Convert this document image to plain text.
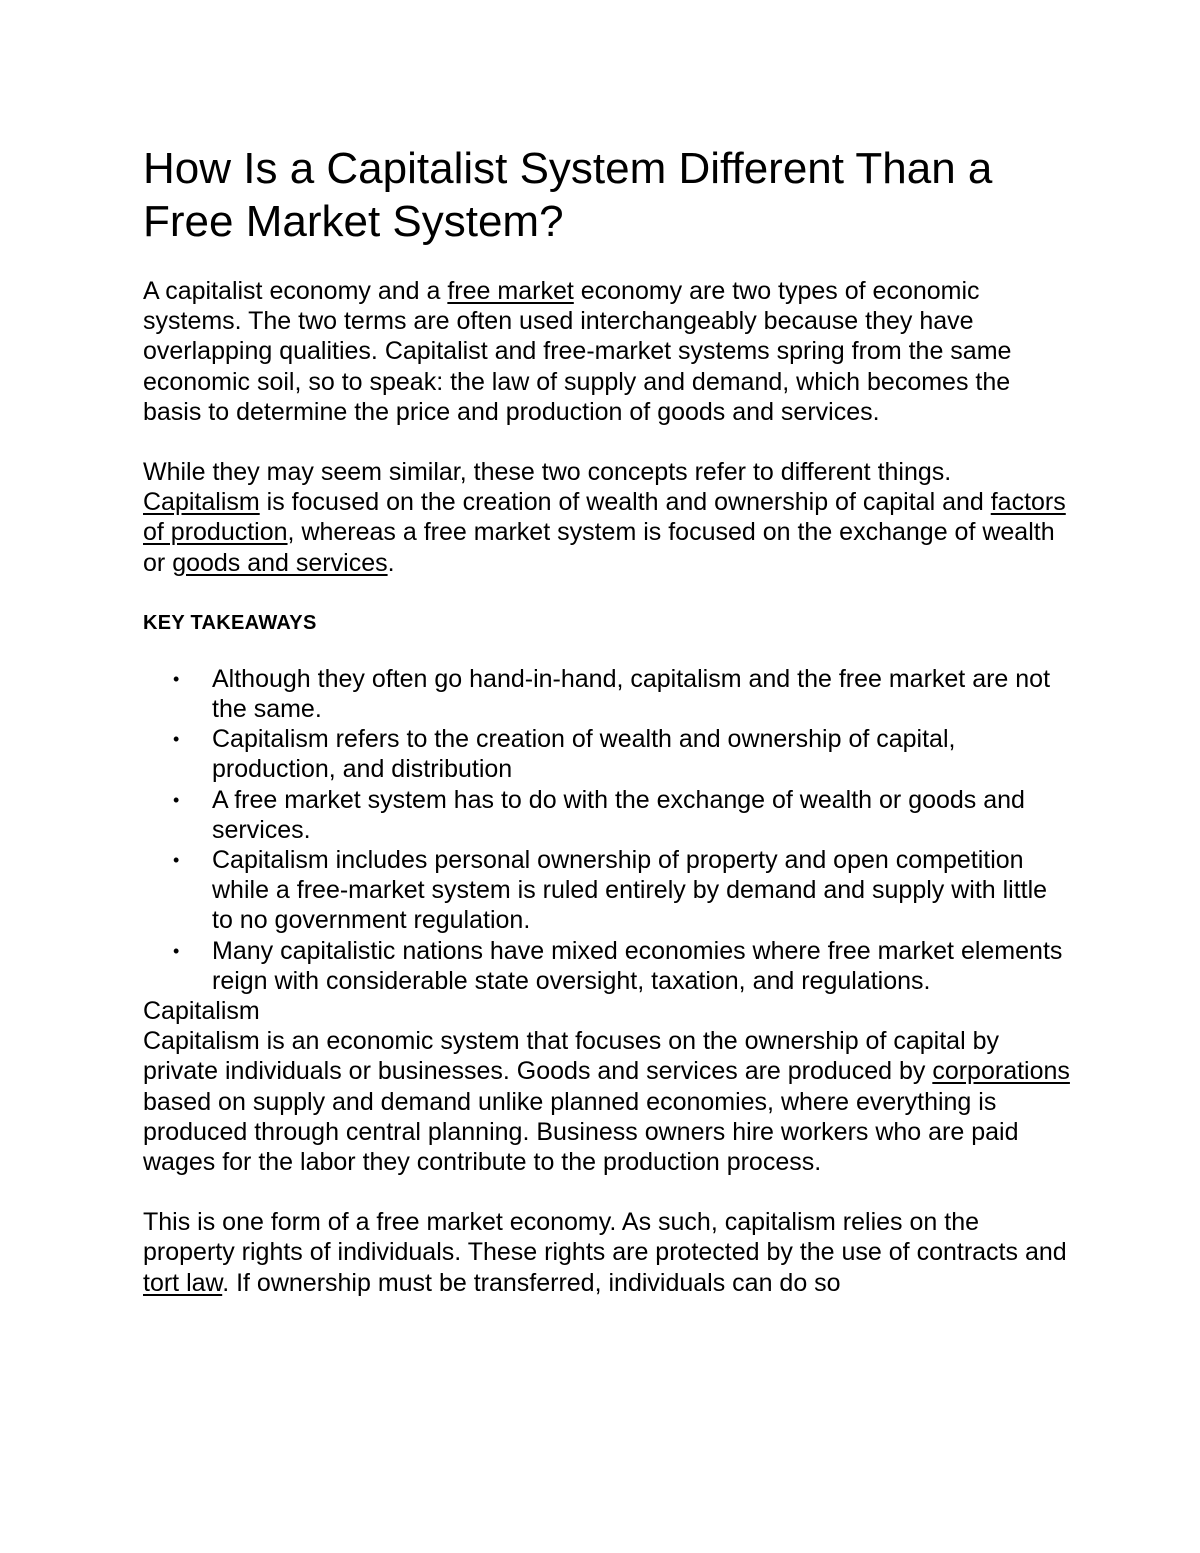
How Is a Capitalist System Different Than a Free Market System?

A capitalist economy and a free market economy are two types of economic systems. The two terms are often used interchangeably because they have overlapping qualities. Capitalist and free-market systems spring from the same economic soil, so to speak: the law of supply and demand, which becomes the basis to determine the price and production of goods and services.

While they may seem similar, these two concepts refer to different things. Capitalism is focused on the creation of wealth and ownership of capital and factors of production, whereas a free market system is focused on the exchange of wealth or goods and services.

KEY TAKEAWAYS
• Although they often go hand-in-hand, capitalism and the free market are not the same.
• Capitalism refers to the creation of wealth and ownership of capital, production, and distribution
• A free market system has to do with the exchange of wealth or goods and services.
• Capitalism includes personal ownership of property and open competition while a free-market system is ruled entirely by demand and supply with little to no government regulation.
• Many capitalistic nations have mixed economies where free market elements reign with considerable state oversight, taxation, and regulations.
Capitalism

Capitalism is an economic system that focuses on the ownership of capital by private individuals or businesses. Goods and services are produced by corporations based on supply and demand unlike planned economies, where everything is produced through central planning. Business owners hire workers who are paid wages for the labor they contribute to the production process.

This is one form of a free market economy. As such, capitalism relies on the property rights of individuals. These rights are protected by the use of contracts and tort law. If ownership must be transferred, individuals can do so
